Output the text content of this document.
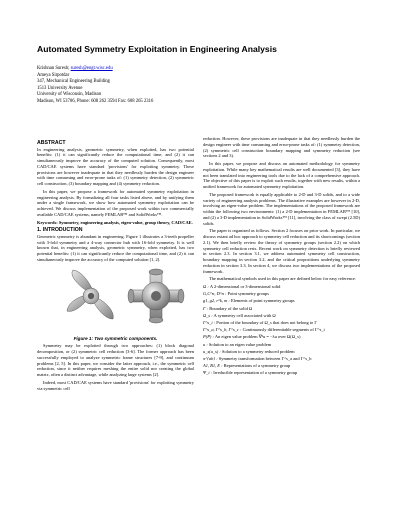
Automated Symmetry Exploitation in Engineering Analysis
Krishnan Suresh; suresh@engr.wisc.edu
Ameya Sirpotdar
347, Mechanical Engineering Building
1513 University Avenue
University of Wisconsin, Madison
Madison, WI 53706, Phone: 608 262 3594 Fax: 608 265 2316
ABSTRACT
In engineering analysis, geometric symmetry, when exploited, has two potential benefits: (1) it can significantly reduce the computational time, and (2) it can simultaneously improve the accuracy of the computed solution. Consequently, most CAD/CAE systems have standard 'provisions' for exploiting symmetry. These provisions are however inadequate in that they needlessly burden the design engineer with time consuming and error-prone tasks of: (1) symmetry detection, (2) symmetric cell construction, (3) boundary mapping and (4) symmetry reduction.
In this paper, we propose a framework for automated symmetry exploitation in engineering analysis. By formalizing all four tasks listed above, and by unifying them under a single framework, we show how automated symmetry exploitation can be achieved. We discuss implementation of the proposed work within two commercially available CAD/CAE systems, namely FEMLAB™ and SolidWorks™.
Keywords: Symmetry, engineering analysis, eigen-value, group theory, CAD/CAE.
1. INTRODUCTION
Geometric symmetry is abundant in engineering. Figure 1 illustrates a 3-teeth propeller with 3-fold symmetry and a 4-way connector hub with 16-fold symmetry. It is well known that, in engineering analysis, geometric symmetry, when exploited, has two potential benefits: (1) it can significantly reduce the computational time, and (2) it can simultaneously improve the accuracy of the computed solution [1, 2].
Figure 1: Two symmetric components.
Symmetry may be exploited through two approaches: (1) block diagonal decomposition, or (2) symmetric cell reduction [3-6]. The former approach has been successfully employed to analyze symmetric frame structures [7-9], and continuum problems [2, 5]. In this paper, we consider the latter approach, i.e., the symmetric cell reduction, since it neither requires meshing the entire solid nor creating the global matrix, often a distinct advantage, while analyzing large systems [2].
Indeed, most CAD/CAE systems have standard 'provisions' for exploiting symmetry via symmetric cell
reduction. However, these provisions are inadequate in that they needlessly burden the design engineer with time consuming and error-prone tasks of: (1) symmetry detection, (2) symmetric cell construction boundary mapping and symmetry reduction (see sections 2 and 3).
In this paper, we propose and discuss an automated methodology for symmetry exploitation. While many key mathematical results are well documented [3], they have not been translated into engineering tools due to the lack of a comprehensive approach. The objective of this paper is to exploit such results, together with new results, within a unified framework for automated symmetry exploitation.
The proposed framework is equally applicable to 2-D and 3-D solids, and to a wide variety of engineering analysis problems. The illustrative examples are however in 2-D, involving an eigen-value problem. The implementations of the proposed framework are within the following two environments: (1) a 2-D implementation in FEMLAB™ [10], and (2) a 3-D implementation in SolidWorks™ [11], involving the class of swept (2.5D) solids.
The paper is organized as follows. Section 2 focuses on prior work. In particular, we discuss extant ad hoc approach to symmetry cell reduction and its shortcomings (section 2.1). We then briefly review the theory of symmetry groups (section 2.2) on which symmetry cell reduction rests. Recent work on symmetry detection is briefly reviewed in section 2.3. In section 3.1, we address automated symmetry cell construction, boundary mapping in section 3.2, and the critical propositions underlying symmetry reduction in section 3.3. In section 4, we discuss two implementations of the proposed framework.
The mathematical symbols used in this paper are defined below for easy reference.
Ω : A 2-dimensional or 3-dimensional solid
G,C^n, D^n : Point symmetry groups
g1, g2, r^k, m : Elements of point symmetry groups
Γ : Boundary of the solid Ω
Ω_s : A symmetry cell associated with Ω
Γ^s_i : Portion of the boundary of Ω_s that does not belong to Γ
Γ^s_a, Γ^s_b, Γ^s_c : Continuously differentiable segments of Γ^s_i
P(P) : An eigen value problem ∇²u = −λu over Ω(Ω_s)
u : Solution to an eigen value problem
u_s(u_s) : Solution to a symmetry reduced problem
π^{ab} : Symmetry transformation between Γ^s_a and Γ^s_b
A1, B1, E : Representations of a symmetry group
Ψ_i : Irreducible representation of a symmetry group
